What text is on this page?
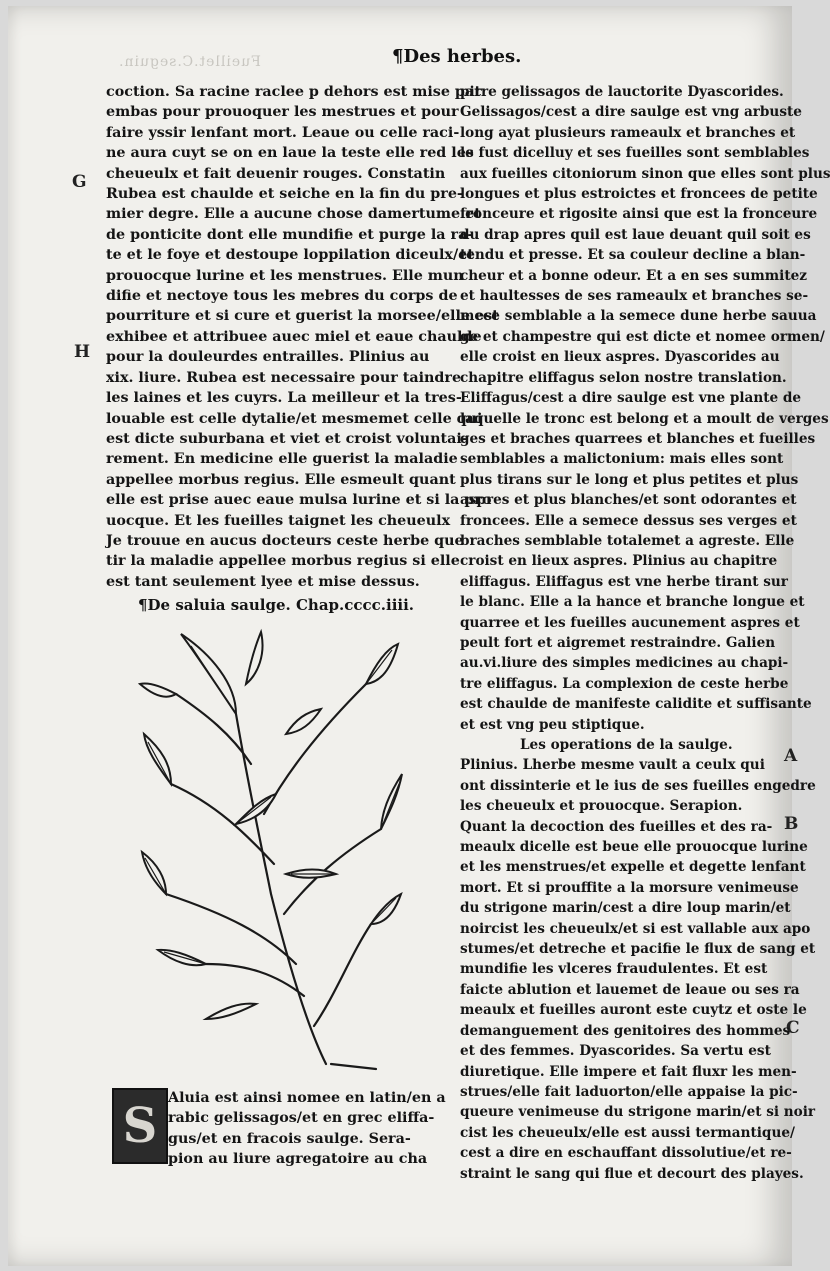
Fueillet.C.seguin.	¶Des herbes.
G
H
A
B
C
coction. Sa racine raclee p dehors est mise par
embas pour prouoquer les mestrues et pour
faire yssir lenfant mort. Leaue ou celle raci-
ne aura cuyt se on en laue la teste elle red les
cheueulx et fait deuenir rouges. Constatin
Rubea est chaulde et seiche en la fin du pre-
mier degre. Elle a aucune chose damertume et
de ponticite dont elle mundifie et purge la ra-
te et le foye et destoupe loppilation diceulx/et
prouocque lurine et les menstrues. Elle mun
difie et nectoye tous les mebres du corps de
pourriture et si cure et guerist la morsee/elle est
exhibee et attribuee auec miel et eaue chaulde
pour la douleurdes entrailles. Plinius au
xix. liure. Rubea est necessaire pour taindre
les laines et les cuyrs. La meilleur et la tres-
louable est celle dytalie/et mesmemet celle qui
est dicte suburbana et viet et croist voluntai-
rement. En medicine elle guerist la maladie
appellee morbus regius. Elle esmeult quant
elle est prise auec eaue mulsa lurine et si la pro
uocque. Et les fueilles taignet les cheueulx
Je trouue en aucus docteurs ceste herbe que
tir la maladie appellee morbus regius si elle
est tant seulement lyee et mise dessus.
¶De saluia saulge. Chap.cccc.iiii.
S Aluia est ainsi nomee en latin/en a
rabic gelissagos/et en grec eliffa-
gus/et en fracois saulge. Sera-
pion au liure agregatoire au cha
pitre gelissagos de lauctorite Dyascorides.
Gelissagos/cest a dire saulge est vng arbuste
long ayat plusieurs rameaulx et branches et
le fust dicelluy et ses fueilles sont semblables
aux fueilles citoniorum sinon que elles sont plus
longues et plus estroictes et froncees de petite
fronceure et rigosite ainsi que est la fronceure
du drap apres quil est laue deuant quil soit es
tendu et presse. Et sa couleur decline a blan-
cheur et a bonne odeur. Et a en ses summitez
et haultesses de ses rameaulx et branches se-
mece semblable a la semece dune herbe sauua
ge et champestre qui est dicte et nomee ormen/
elle croist en lieux aspres. Dyascorides au
chapitre eliffagus selon nostre translation.
Eliffagus/cest a dire saulge est vne plante de
laquelle le tronc est belong et a moult de verges
ges et braches quarrees et blanches et fueilles
semblables a malictonium: mais elles sont
plus tirans sur le long et plus petites et plus
aspres et plus blanches/et sont odorantes et
froncees. Elle a semece dessus ses verges et
braches semblable totalemet a agreste. Elle
croist en lieux aspres. Plinius au chapitre
eliffagus. Eliffagus est vne herbe tirant sur
le blanc. Elle a la hance et branche longue et
quarree et les fueilles aucunement aspres et
peult fort et aigremet restraindre. Galien
au.vi.liure des simples medicines au chapi-
tre eliffagus. La complexion de ceste herbe
est chaulde de manifeste calidite et suffisante
et est vng peu stiptique.
Les operations de la saulge.
Plinius. Lherbe mesme vault a ceulx qui
ont dissinterie et le ius de ses fueilles engedre
les cheueulx et prouocque. Serapion.
Quant la decoction des fueilles et des ra-
meaulx dicelle est beue elle prouocque lurine
et les menstrues/et expelle et degette lenfant
mort. Et si prouffite a la morsure venimeuse
du strigone marin/cest a dire loup marin/et
noircist les cheueulx/et si est vallable aux apo
stumes/et detreche et pacifie le flux de sang et
mundifie les vlceres fraudulentes. Et est
faicte ablution et lauemet de leaue ou ses ra
meaulx et fueilles auront este cuytz et oste le
demanguement des genitoires des hommes
et des femmes. Dyascorides. Sa vertu est
diuretique. Elle impere et fait fluxr les men-
strues/elle fait laduorton/elle appaise la pic-
queure venimeuse du strigone marin/et si noir
cist les cheueulx/elle est aussi termantique/
cest a dire en eschauffant dissolutiue/et re-
straint le sang qui flue et decourt des playes.
